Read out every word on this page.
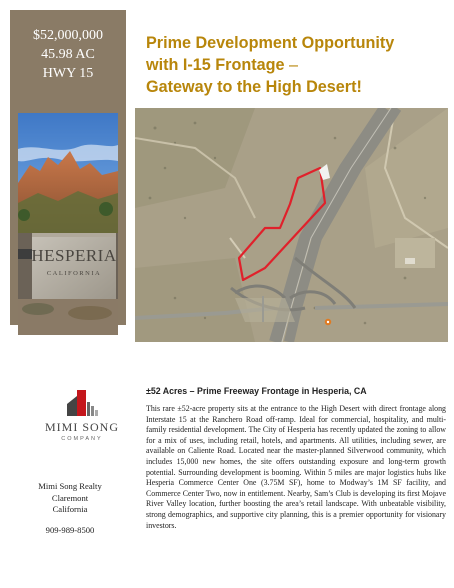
$52,000,000
45.98 AC
HWY 15
HESPERIA
CALIFORNIA
Prime Development Opportunity
with I-15 Frontage –
Gateway to the High Desert!
MIMI SONG
COMPANY
Mimi Song Realty
Claremont
California
909-989-8500
±52 Acres – Prime Freeway Frontage in Hesperia, CA
This rare ±52-acre property sits at the entrance to the High Desert with direct frontage along Interstate 15 at the Ranchero Road off-ramp. Ideal for commercial, hospitality, and multi-family residential development. The City of Hesperia has recently updated the zoning to allow for a mix of uses, including retail, hotels, and apartments. All utilities, including sewer, are available on Caliente Road. Located near the master-planned Silverwood community, which includes 15,000 new homes, the site offers outstanding exposure and long-term growth potential. Surrounding development is booming. Within 5 miles are major logistics hubs like Hesperia Commerce Center One (3.75M SF), home to Modway’s 1M SF facility, and Commerce Center Two, now in entitlement. Nearby, Sam’s Club is developing its first Mojave River Valley location, further boosting the area’s retail landscape. With unbeatable visibility, strong demographics, and supportive city planning, this is a premier opportunity for visionary investors.
